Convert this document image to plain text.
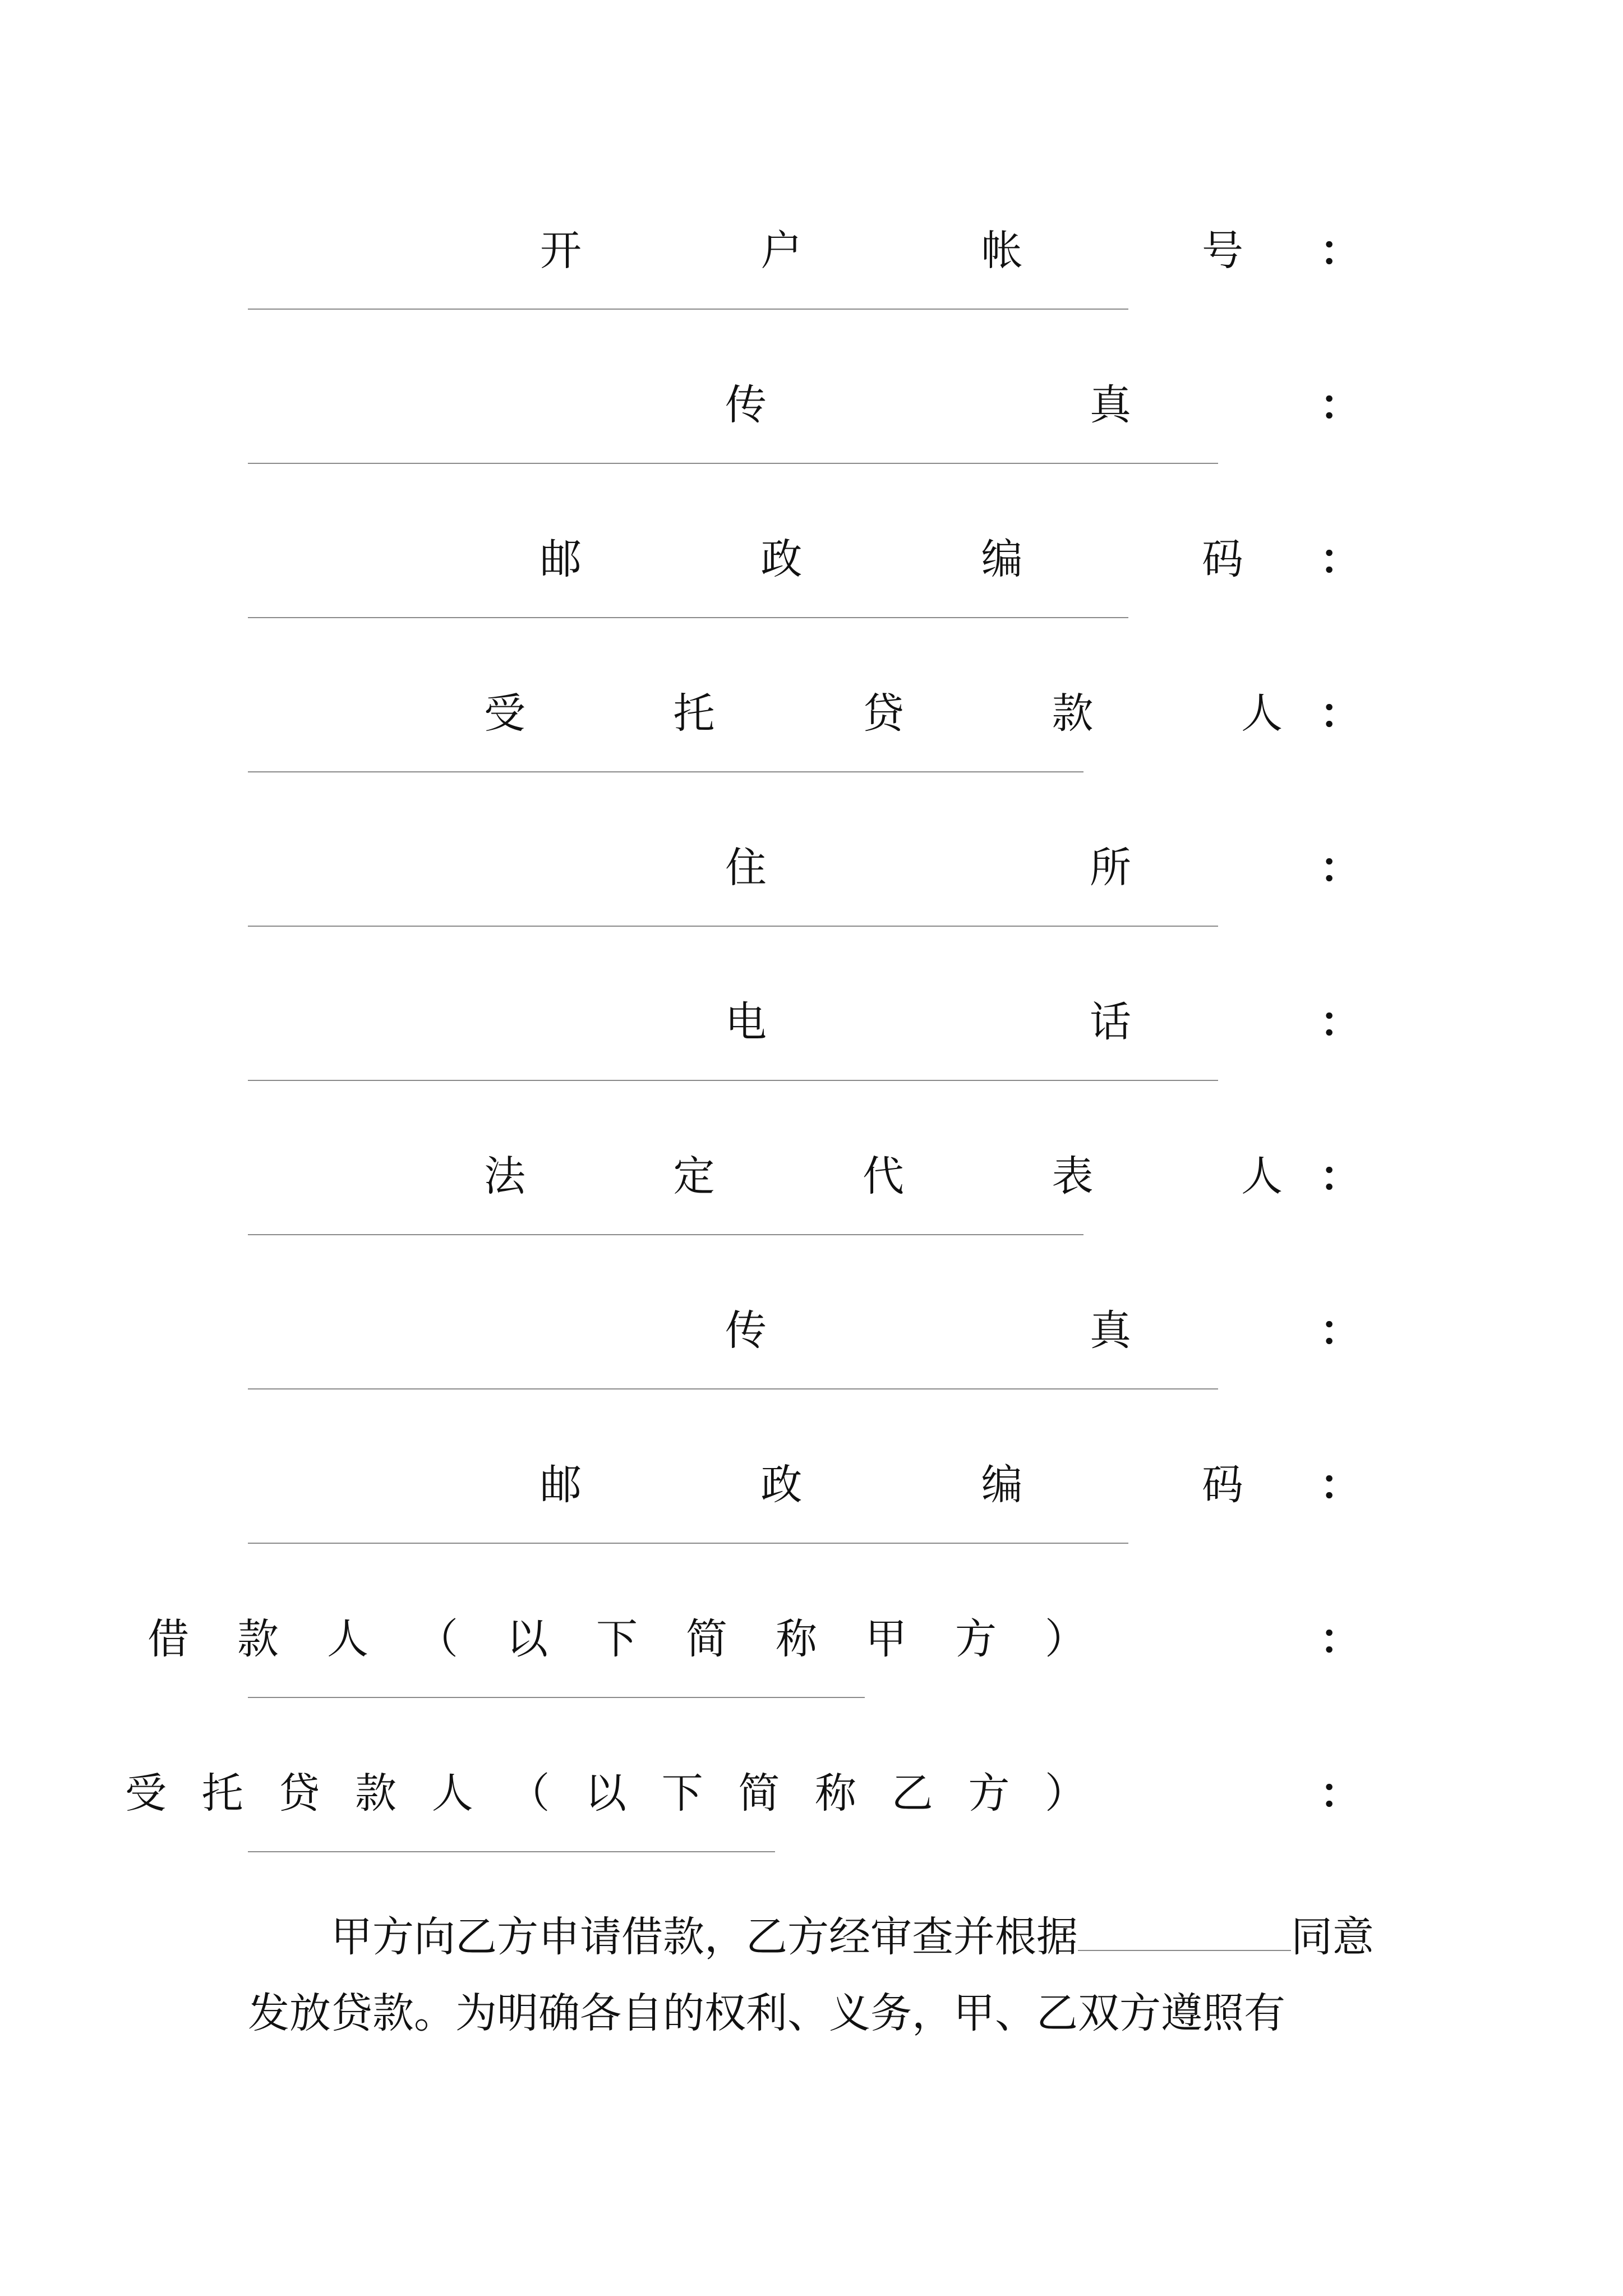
开	户	帐	号 ：
传	真	：
邮	政	编	码 ：
受	托	贷	款	人 ：
住	所	：
电	话	：
法	定	代	表	人 ：
传	真	：
邮	政	编	码 ：
借 款 人 （ 以 下 简 称 甲 方 ）	：
受 托 贷 款 人 （ 以 下 简 称 乙 方 ）	：
甲方向乙方申请借款，乙方经审查并根据	同意发放贷款。为明确各自的权利、义务，甲、乙双方遵照有
